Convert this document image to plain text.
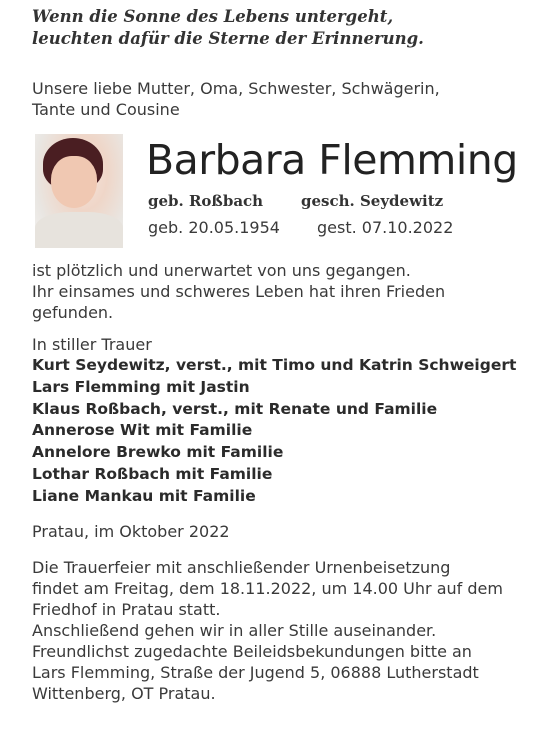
Wenn die Sonne des Lebens untergeht,
leuchten dafür die Sterne der Erinnerung.
Unsere liebe Mutter, Oma, Schwester, Schwägerin,
Tante und Cousine
Barbara Flemming
geb. Roßbach	gesch. Seydewitz
geb. 20.05.1954 gest. 07.10.2022
ist plötzlich und unerwartet von uns gegangen.
Ihr einsames und schweres Leben hat ihren Frieden
gefunden.
In stiller Trauer
Kurt Seydewitz, verst., mit Timo und Katrin Schweigert
Lars Flemming mit Jastin
Klaus Roßbach, verst., mit Renate und Familie
Annerose Wit mit Familie
Annelore Brewko mit Familie
Lothar Roßbach mit Familie
Liane Mankau mit Familie
Pratau, im Oktober 2022
Die Trauerfeier mit anschließender Urnenbeisetzung
findet am Freitag, dem 18.11.2022, um 14.00 Uhr auf dem
Friedhof in Pratau statt.
Anschließend gehen wir in aller Stille auseinander.
Freundlichst zugedachte Beileidsbekundungen bitte an
Lars Flemming, Straße der Jugend 5, 06888 Lutherstadt
Wittenberg, OT Pratau.
